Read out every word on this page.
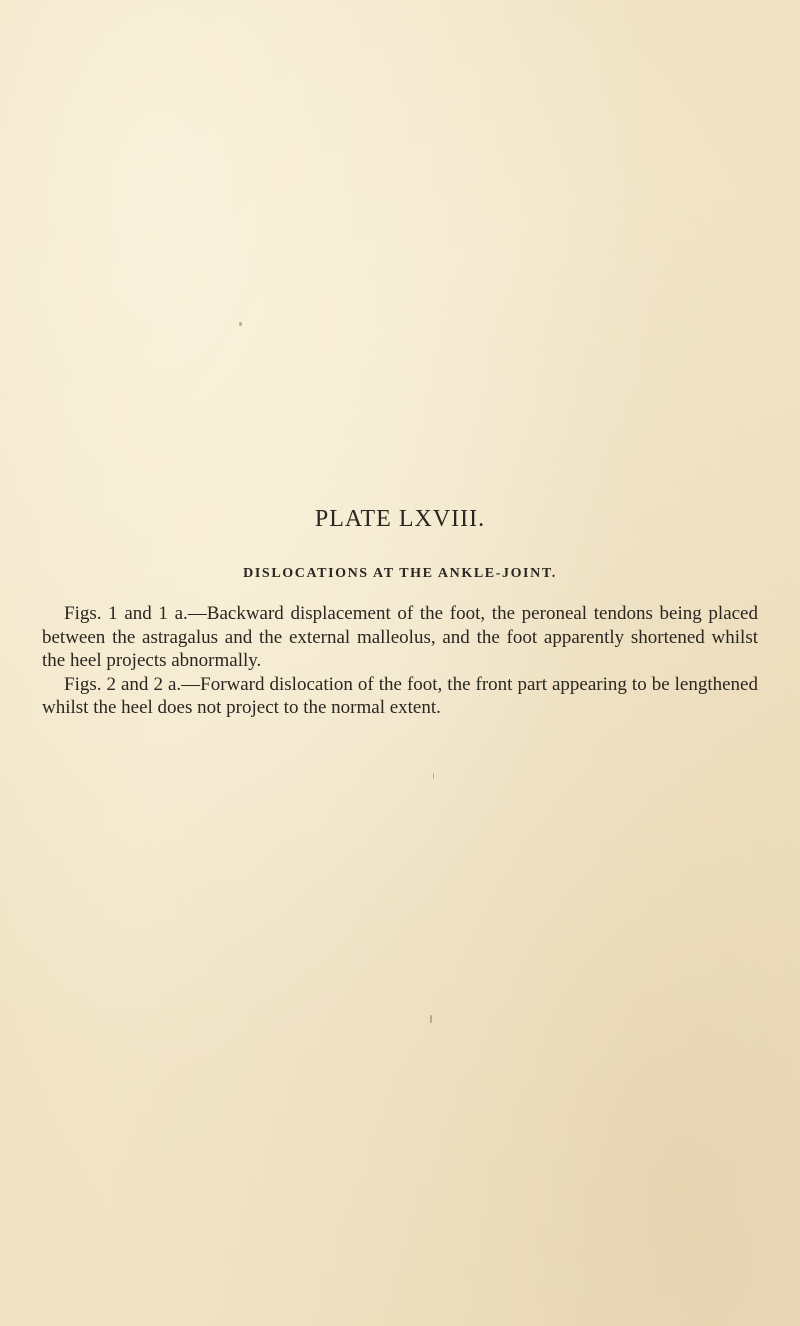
PLATE LXVIII.
DISLOCATIONS AT THE ANKLE-JOINT.

Figs. 1 and 1 a.—Backward displacement of the foot, the peroneal tendons being placed between the astragalus and the external malleolus, and the foot apparently shortened whilst the heel projects abnormally.

Figs. 2 and 2 a.—Forward dislocation of the foot, the front part appearing to be lengthened whilst the heel does not project to the normal extent.
